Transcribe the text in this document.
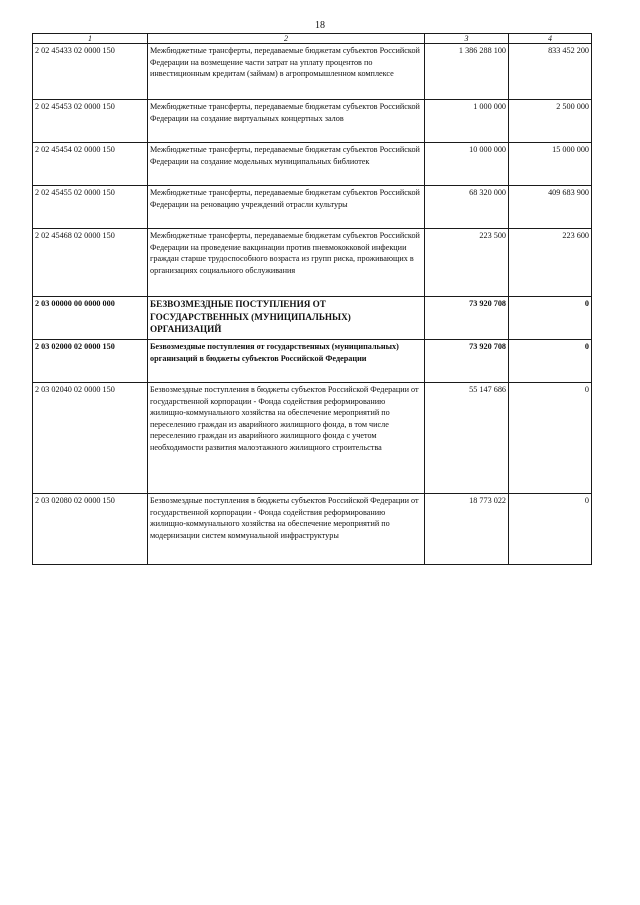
18
1	2	3	4
2 02 45433 02 0000 150	Межбюджетные трансферты, передаваемые бюджетам субъектов Российской Федерации на возмещение части затрат на уплату процентов по инвестиционным кредитам (займам) в агропромышленном комплексе	1 386 288 100	833 452 200
2 02 45453 02 0000 150	Межбюджетные трансферты, передаваемые бюджетам субъектов Российской Федерации на создание виртуальных концертных залов	1 000 000	2 500 000
2 02 45454 02 0000 150	Межбюджетные трансферты, передаваемые бюджетам субъектов Российской Федерации на создание модельных муниципальных библиотек	10 000 000	15 000 000
2 02 45455 02 0000 150	Межбюджетные трансферты, передаваемые бюджетам субъектов Российской Федерации на реновацию учреждений отрасли культуры	68 320 000	409 683 900
2 02 45468 02 0000 150	Межбюджетные трансферты, передаваемые бюджетам субъектов Российской Федерации на проведение вакцинации против пневмококковой инфекции граждан старше трудоспособного возраста из групп риска, проживающих в организациях социального обслуживания	223 500	223 600
2 03 00000 00 0000 000	БЕЗВОЗМЕЗДНЫЕ ПОСТУПЛЕНИЯ ОТ ГОСУДАРСТВЕННЫХ (МУНИЦИПАЛЬНЫХ) ОРГАНИЗАЦИЙ	73 920 708	0
2 03 02000 02 0000 150	Безвозмездные поступления от государственных (муниципальных) организаций в бюджеты субъектов Российской Федерации	73 920 708	0
2 03 02040 02 0000 150	Безвозмездные поступления в бюджеты субъектов Российской Федерации от государственной корпорации - Фонда содействия реформированию жилищно-коммунального хозяйства на обеспечение мероприятий по переселению граждан из аварийного жилищного фонда, в том числе переселению граждан из аварийного жилищного фонда с учетом необходимости развития малоэтажного жилищного строительства	55 147 686	0
2 03 02080 02 0000 150	Безвозмездные поступления в бюджеты субъектов Российской Федерации от государственной корпорации - Фонда содействия реформированию жилищно-коммунального хозяйства на обеспечение мероприятий по модернизации систем коммунальной инфраструктуры	18 773 022	0
